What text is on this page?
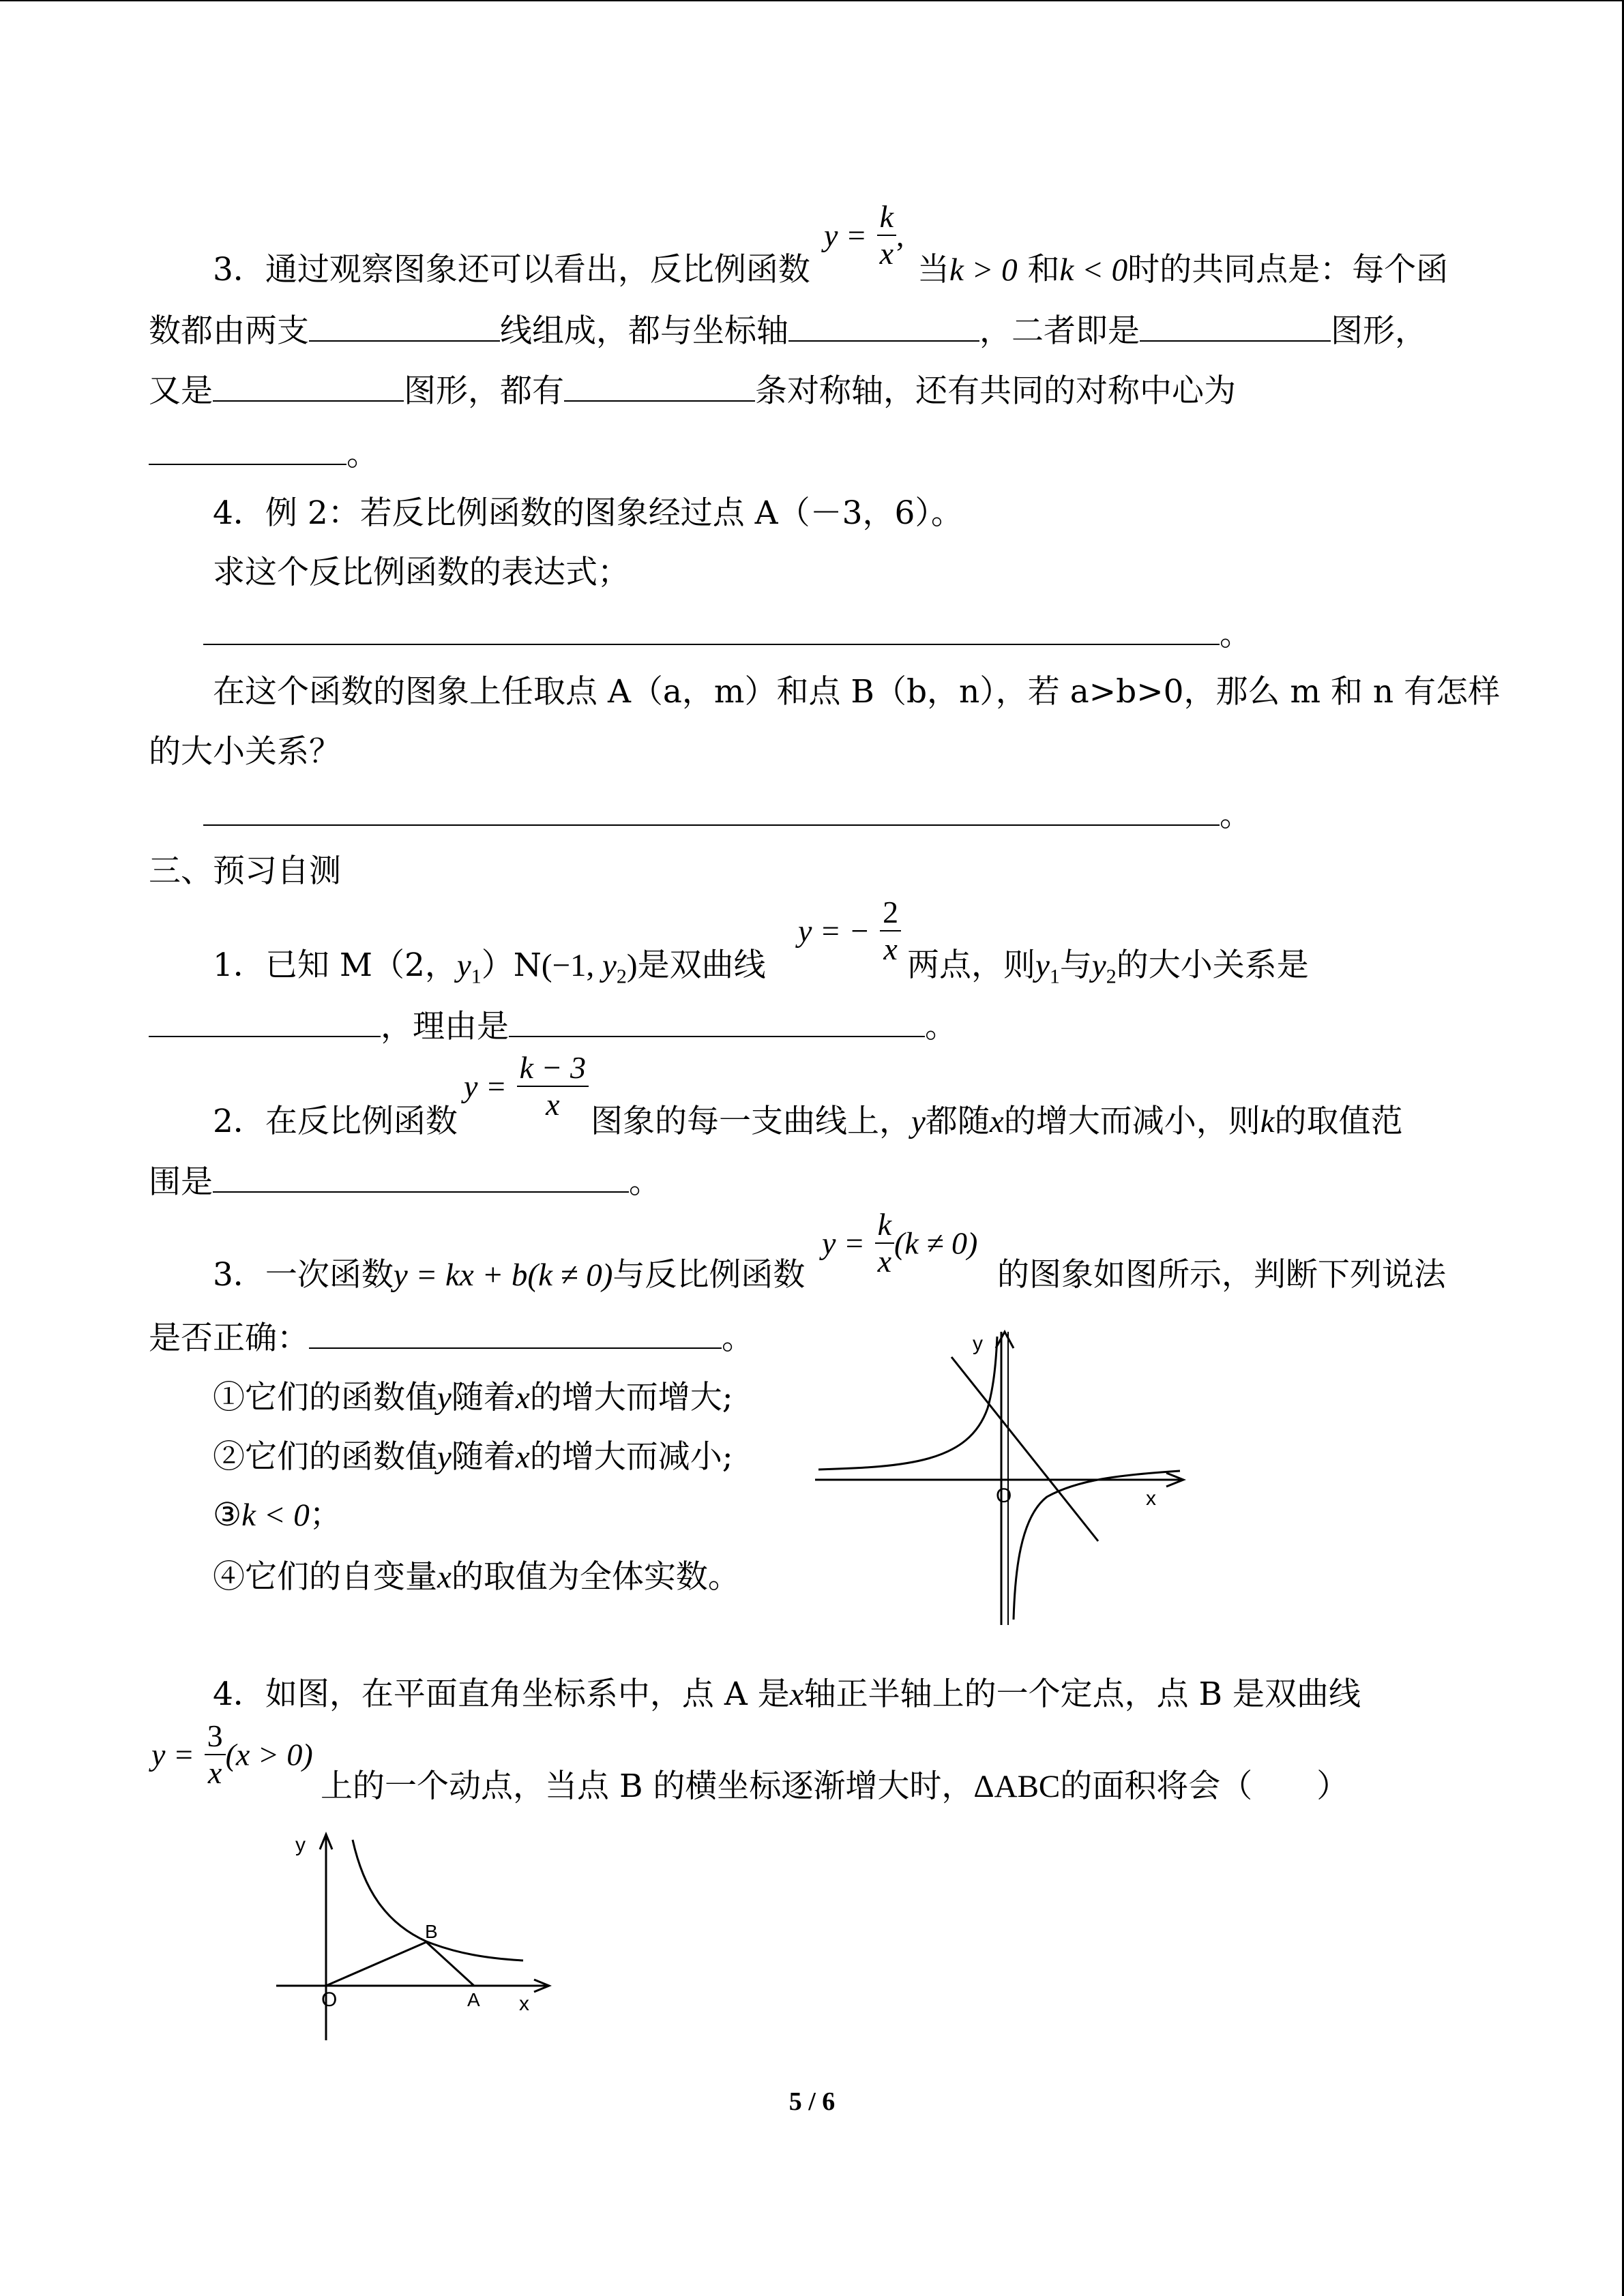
3．通过观察图象还可以看出，反比例函数
$y = \frac{k}{x}$ ,
当k > 0 和k < 0时的共同点是：每个函
数都由两支	线组成，都与坐标轴	，二者即是	图形，
又是	图形，都有	条对称轴，还有共同的对称中心为
。
4．例 2：若反比例函数的图象经过点 A（－3，6）。
求这个反比例函数的表达式；
。
在这个函数的图象上任取点 A（a，m）和点 B（b，n），若 a>b>0，那么 m 和 n 有怎样
的大小关系？
。
三、预习自测
1．已知 M（2，$y_1)N(-1$, $y_2$)是双曲线
y = − $\frac{2}{x}$ 两点，则$y_1$与$y_2$的大小关系是
，理由是	。
2．在反比例函数
$y = \frac{k - 3}{x}$ 图象的每一支曲线上，y都随x的增大而减小，则k的取值范
围是	。
3．一次函数y = kx + b(k ≠ 0)与反比例函数
$y = \frac{k}{x} (k \ne 0)$
的图象如图所示，判断下列说法
是否正确：	。
①它们的函数值y随着x的增大而增大;
②它们的函数值y随着x的增大而减小;
③k < 0；
④它们的自变量x的取值为全体实数。
y
x
O
4．如图，在平面直角坐标系中，点 A 是x轴正半轴上的一个定点，点 B 是双曲线
$y = \frac{3}{x} (x > 0)$
上的一个动点，当点 B 的横坐标逐渐增大时，ΔABC的面积将会（　　）
y
x
O	A
B
5 / 6
